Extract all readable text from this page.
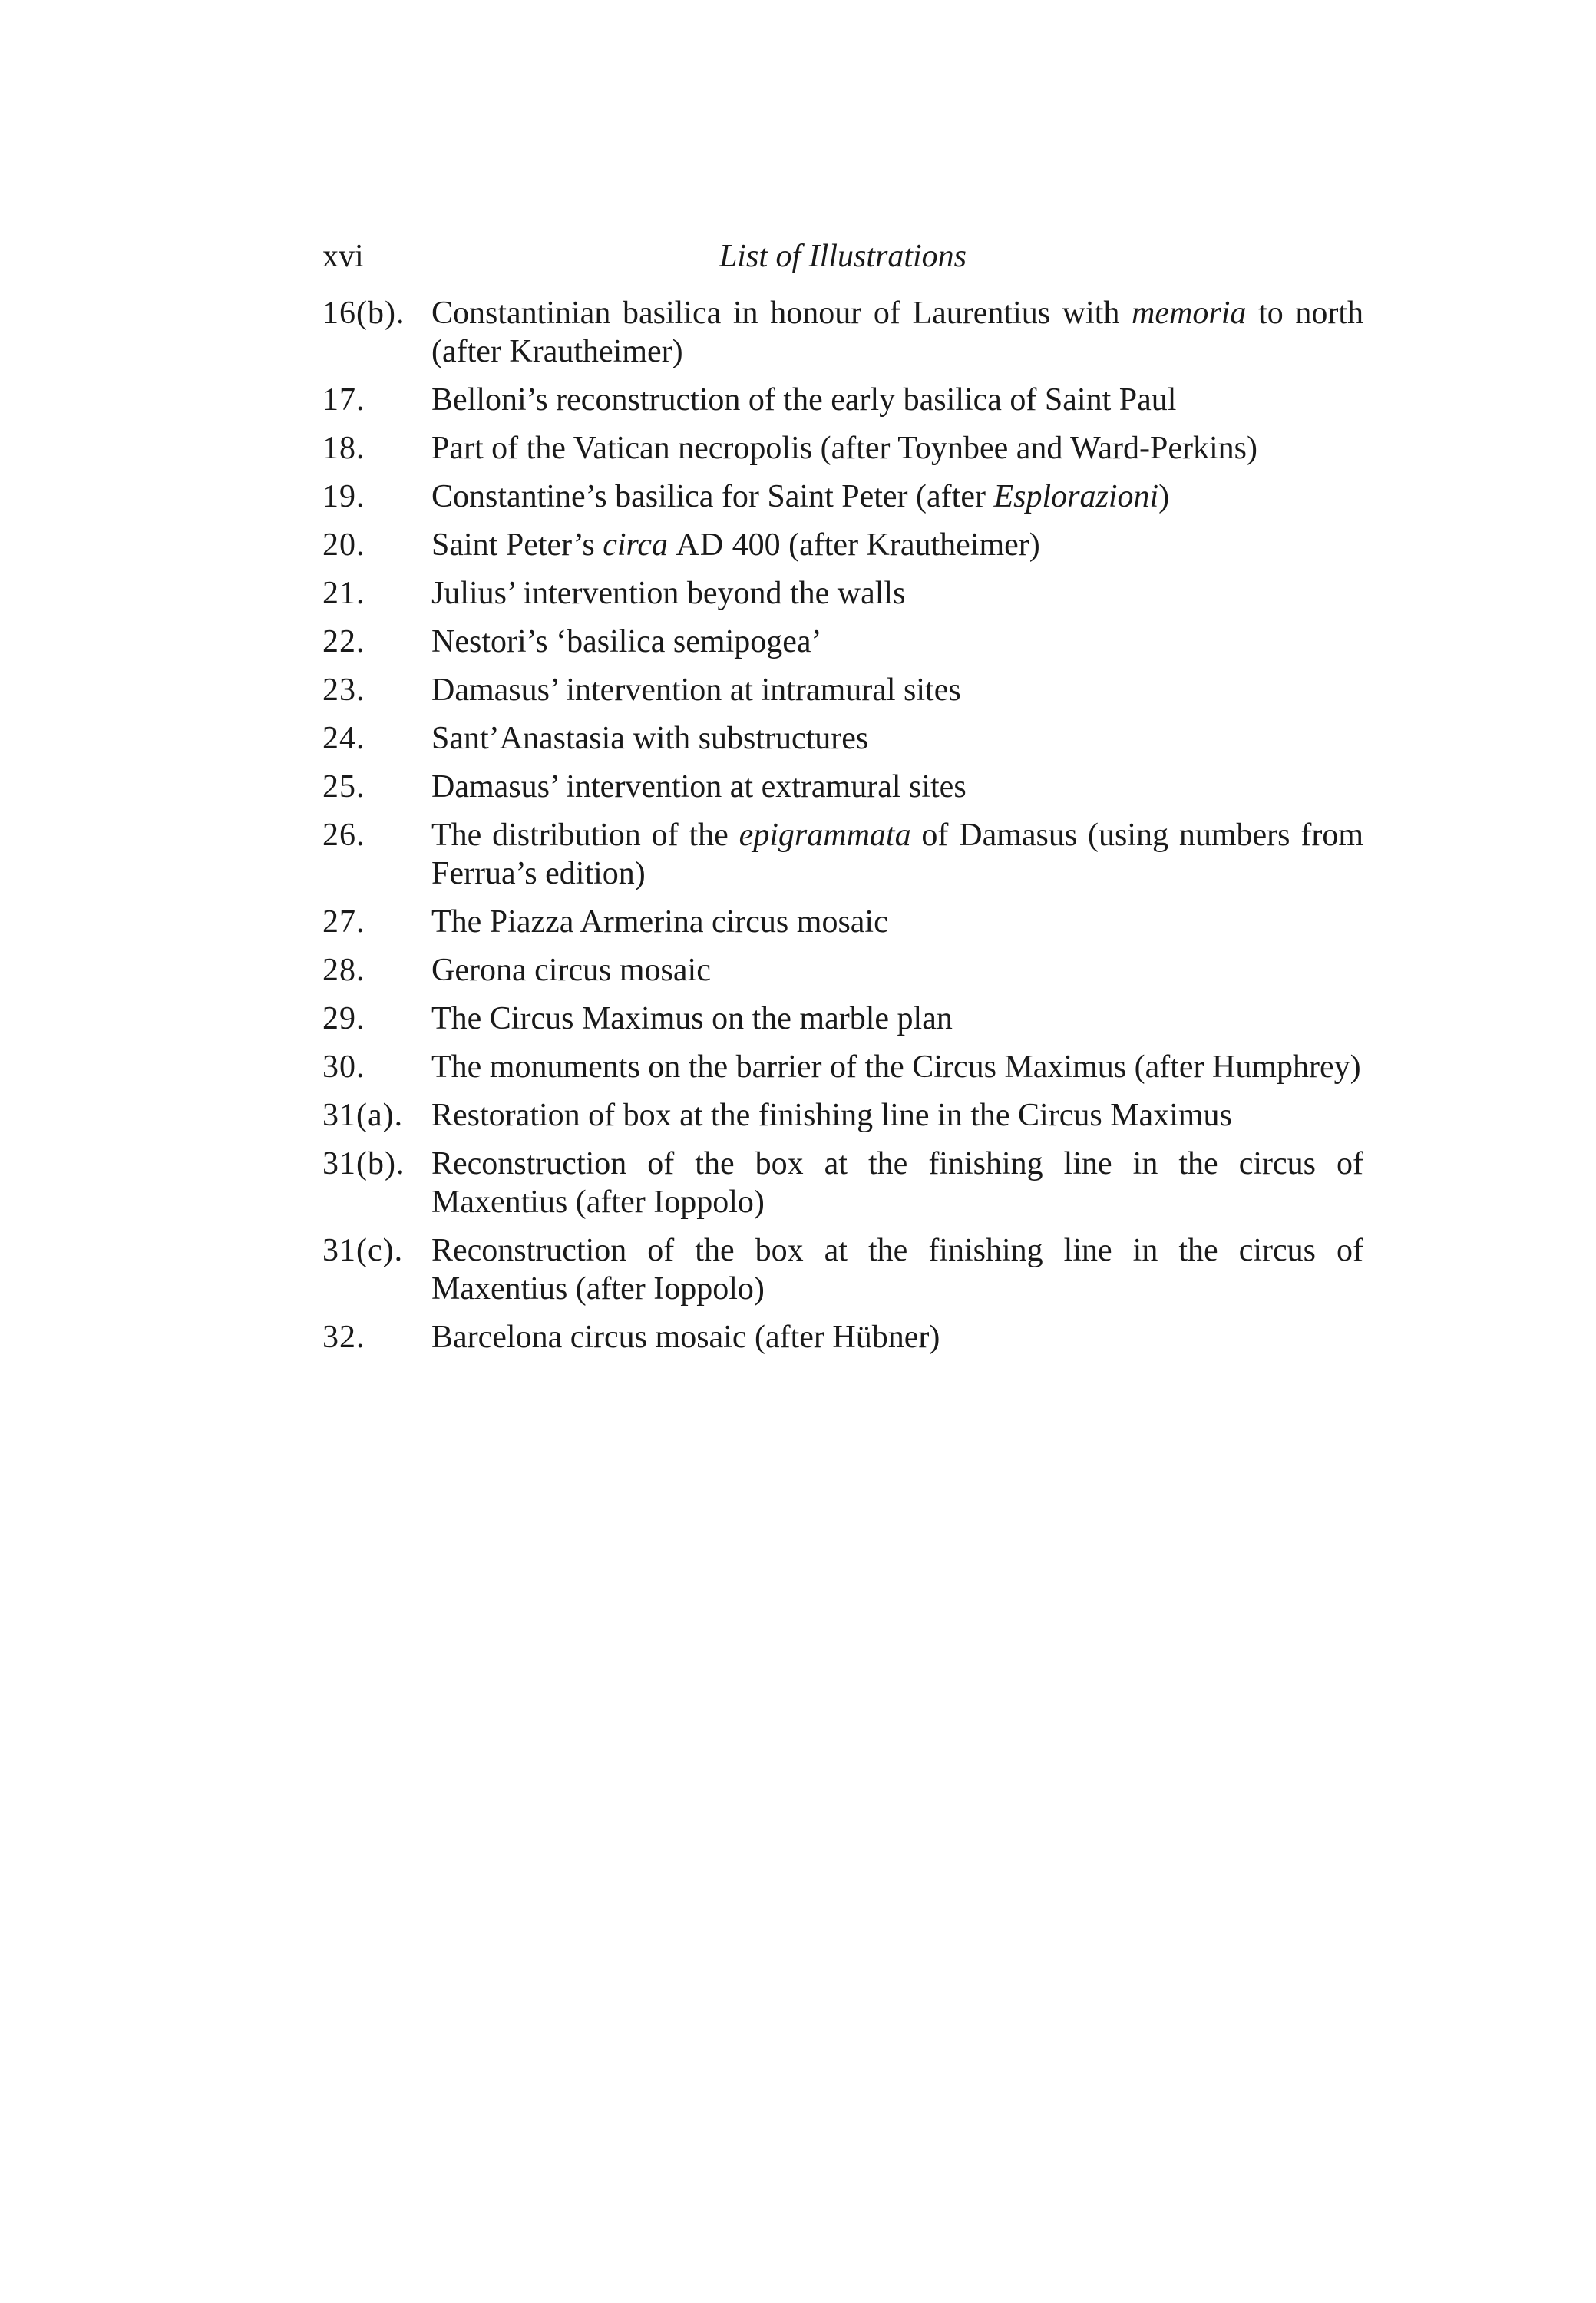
xvi	List of Illustrations
16(b). Constantinian basilica in honour of Laurentius with memoria to north (after Krautheimer)
17.	Belloni’s reconstruction of the early basilica of Saint Paul
18.	Part of the Vatican necropolis (after Toynbee and Ward-Perkins)
19.	Constantine’s basilica for Saint Peter (after Esplorazioni)
20.	Saint Peter’s circa AD 400 (after Krautheimer)
21.	Julius’ intervention beyond the walls
22.	Nestori’s ‘basilica semipogea’
23.	Damasus’ intervention at intramural sites
24.	Sant’Anastasia with substructures
25.	Damasus’ intervention at extramural sites
26.	The distribution of the epigrammata of Damasus (using numbers from Ferrua’s edition)
27.	The Piazza Armerina circus mosaic
28.	Gerona circus mosaic
29.	The Circus Maximus on the marble plan
30.	The monuments on the barrier of the Circus Maximus (after Humphrey)
31(a). Restoration of box at the finishing line in the Circus Maximus
31(b). Reconstruction of the box at the finishing line in the circus of Maxentius (after Ioppolo)
31(c). Reconstruction of the box at the finishing line in the circus of Maxentius (after Ioppolo)
32.	Barcelona circus mosaic (after Hübner)
